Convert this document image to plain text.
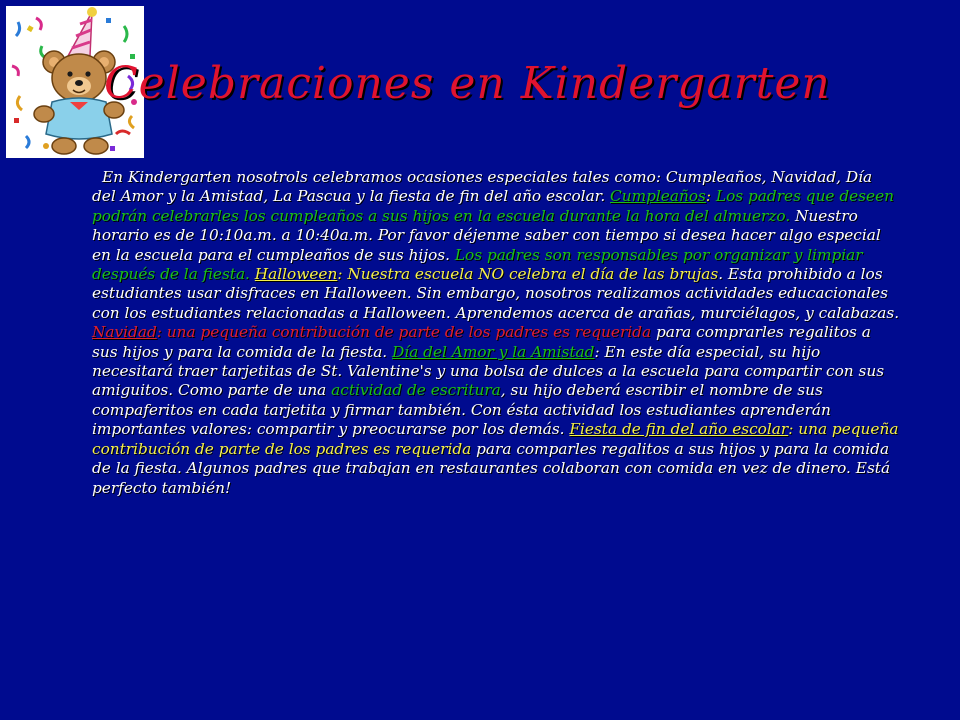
Celebraciones en Kindergarten
En Kindergarten nosotrols celebramos ocasiones especiales tales como: Cumpleaños, Navidad, Día del Amor y la Amistad, La Pascua y la fiesta de fin del año escolar. Cumpleaños: Los padres que deseen podrán celebrarles los cumpleaños a sus hijos en la escuela durante la hora del almuerzo. Nuestro horario es de 10:10a.m. a 10:40a.m. Por favor déjenme saber con tiempo si desea hacer algo especial en la escuela para el cumpleaños de sus hijos. Los padres son responsables por organizar y limpiar después de la fiesta. Halloween: Nuestra escuela NO celebra el día de las brujas. Esta prohibido a los estudiantes usar disfraces en Halloween. Sin embargo, nosotros realizamos actividades educacionales con los estudiantes relacionadas a Halloween. Aprendemos acerca de arañas, murciélagos, y calabazas. Navidad: una pequeña contribución de parte de los padres es requerida para comprarles regalitos a sus hijos y para la comida de la fiesta. Día del Amor y la Amistad: En este día especial, su hijo necesitará traer tarjetitas de St. Valentine's y una bolsa de dulces a la escuela para compartir con sus amiguitos. Como parte de una actividad de escritura, su hijo deberá escribir el nombre de sus compaferitos en cada tarjetita y firmar también. Con ésta actividad los estudiantes aprenderán importantes valores: compartir y preocurarse por los demás. Fiesta de fin del año escolar: una pequeña contribución de parte de los padres es requerida para comparles regalitos a sus hijos y para la comida de la fiesta. Algunos padres que trabajan en restaurantes colaboran con comida en vez de dinero. Está perfecto también!
